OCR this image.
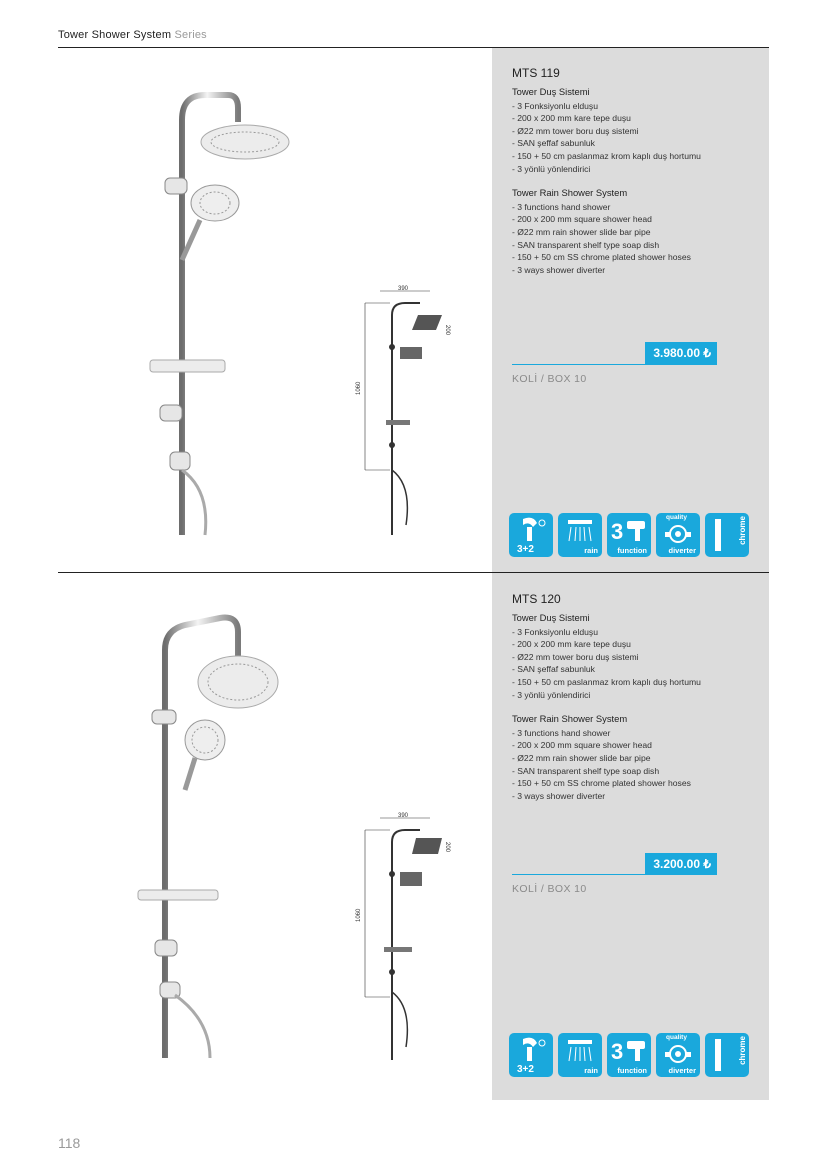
Tower Shower System Series
390
200
1060
MTS 119
Tower Duş Sistemi
- 3 Fonksiyonlu elduşu
- 200 x 200 mm kare tepe duşu
- Ø22 mm tower boru duş sistemi
- SAN şeffaf sabunluk
- 150 + 50 cm paslanmaz krom kaplı duş hortumu
- 3 yönlü yönlendirici
Tower Rain Shower System
- 3 functions hand shower
- 200 x 200 mm square shower head
- Ø22 mm rain shower slide bar pipe
- SAN transparent shelf type soap dish
- 150 + 50 cm SS chrome plated shower hoses
- 3 ways shower diverter
3.980.00 ₺
KOLİ / BOX 10
3+2	rain
3
function
quality
diverter
chrome
390
200
1060
MTS 120
Tower Duş Sistemi
- 3 Fonksiyonlu elduşu
- 200 x 200 mm kare tepe duşu
- Ø22 mm tower boru duş sistemi
- SAN şeffaf sabunluk
- 150 + 50 cm paslanmaz krom kaplı duş hortumu
- 3 yönlü yönlendirici
Tower Rain Shower System
- 3 functions hand shower
- 200 x 200 mm square shower head
- Ø22 mm rain shower slide bar pipe
- SAN transparent shelf type soap dish
- 150 + 50 cm SS chrome plated shower hoses
- 3 ways shower diverter
3.200.00 ₺
KOLİ / BOX 10
3+2	rain
3
function
quality
diverter
chrome
118
